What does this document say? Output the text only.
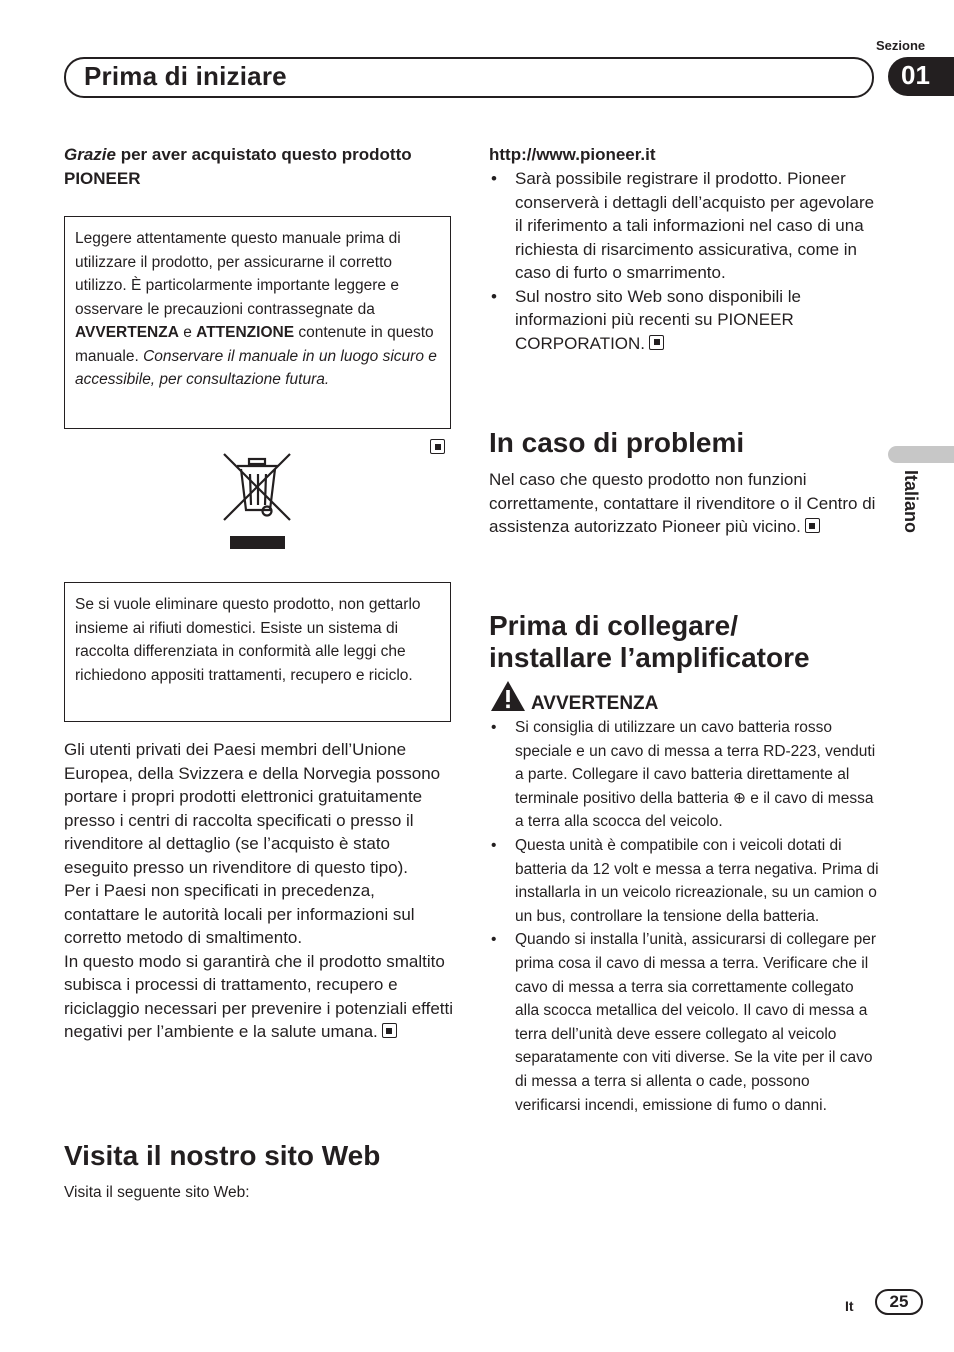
Sezione
Prima di iniziare	01
Italiano
Grazie per aver acquistato questo prodotto PIONEER
Leggere attentamente questo manuale prima di utilizzare il prodotto, per assicurarne il corretto utilizzo. È particolarmente importante leggere e osservare le precauzioni contrassegnate da AVVERTENZA e ATTENZIONE contenute in questo manuale. Conservare il manuale in un luogo sicuro e accessibile, per consultazione futura.
Se si vuole eliminare questo prodotto, non gettarlo insieme ai rifiuti domestici. Esiste un sistema di raccolta differenziata in conformità alle leggi che richiedono appositi trattamenti, recupero e riciclo.
Gli utenti privati dei Paesi membri dell’Unione Europea, della Svizzera e della Norvegia possono portare i propri prodotti elettronici gratuitamente presso i centri di raccolta specificati o presso il rivenditore al dettaglio (se l’acquisto è stato eseguito presso un rivenditore di questo tipo).
Per i Paesi non specificati in precedenza, contattare le autorità locali per informazioni sul corretto metodo di smaltimento.
In questo modo si garantirà che il prodotto smaltito subisca i processi di trattamento, recupero e riciclaggio necessari per prevenire i potenziali effetti negativi per l’ambiente e la salute umana.
Visita il nostro sito Web
Visita il seguente sito Web:
http://www.pioneer.it
• Sarà possibile registrare il prodotto. Pioneer conserverà i dettagli dell’acquisto per agevolare il riferimento a tali informazioni nel caso di una richiesta di risarcimento assicurativa, come in caso di furto o smarrimento.
• Sul nostro sito Web sono disponibili le informazioni più recenti su PIONEER CORPORATION.
In caso di problemi
Nel caso che questo prodotto non funzioni correttamente, contattare il rivenditore o il Centro di assistenza autorizzato Pioneer più vicino.
Prima di collegare/
installare l’amplificatore
AVVERTENZA
• Si consiglia di utilizzare un cavo batteria rosso speciale e un cavo di messa a terra RD-223, venduti a parte. Collegare il cavo batteria direttamente al terminale positivo della batteria ⊕ e il cavo di messa a terra alla scocca del veicolo.
• Questa unità è compatibile con i veicoli dotati di batteria da 12 volt e messa a terra negativa. Prima di installarla in un veicolo ricreazionale, su un camion o un bus, controllare la tensione della batteria.
• Quando si installa l’unità, assicurarsi di collegare per prima cosa il cavo di messa a terra. Verificare che il cavo di messa a terra sia correttamente collegato alla scocca metallica del veicolo. Il cavo di messa a terra dell’unità deve essere collegato al veicolo separatamente con viti diverse. Se la vite per il cavo di messa a terra si allenta o cade, possono verificarsi incendi, emissione di fumo o danni.
It	25
